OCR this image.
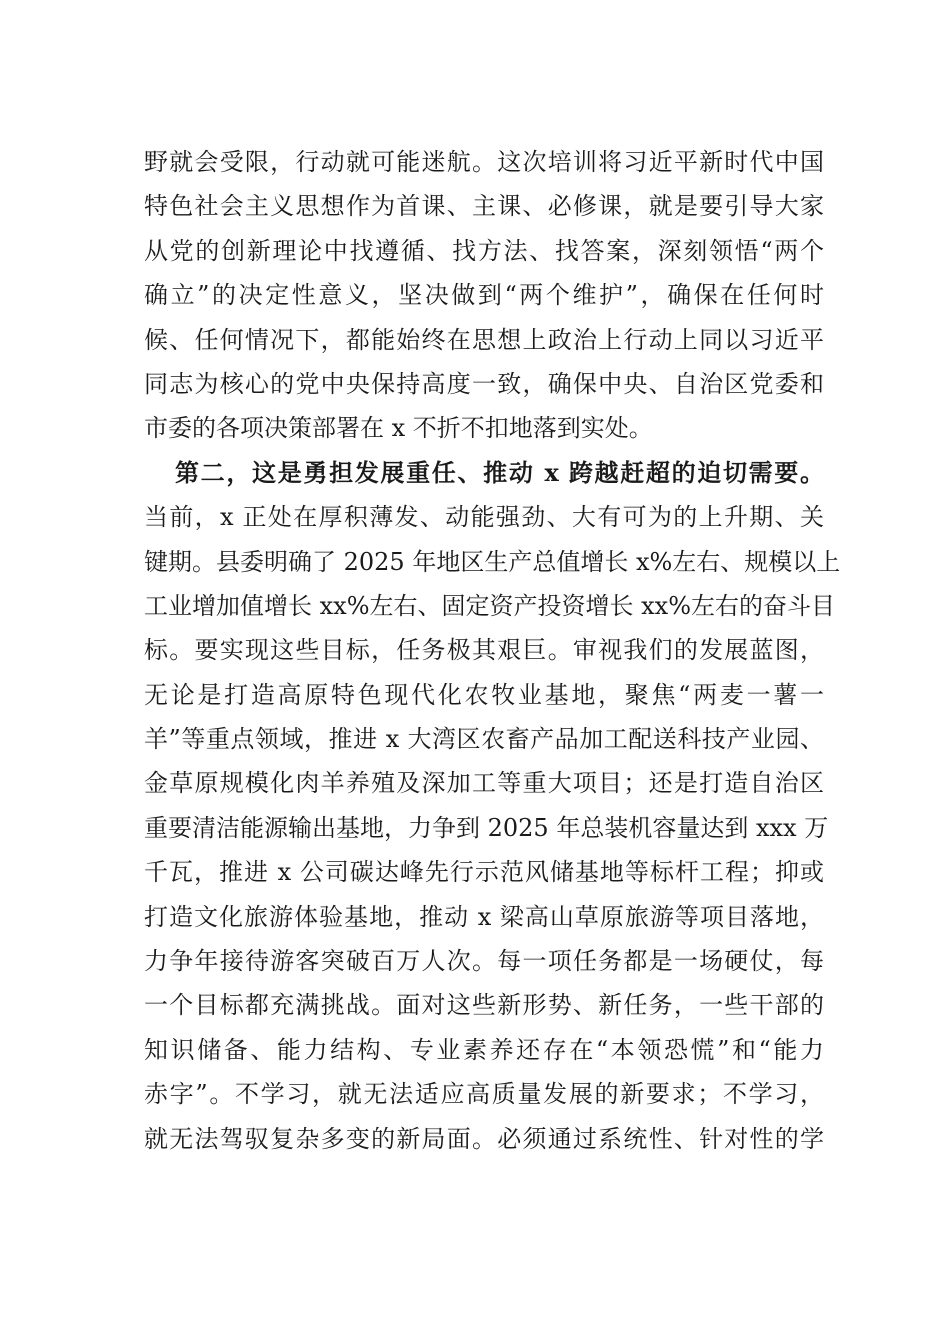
野就会受限，行动就可能迷航。这次培训将习近平新时代中国
特色社会主义思想作为首课、主课、必修课，就是要引导大家
从党的创新理论中找遵循、找方法、找答案，深刻领悟“两个
确立”的决定性意义，坚决做到“两个维护”，确保在任何时
候、任何情况下，都能始终在思想上政治上行动上同以习近平
同志为核心的党中央保持高度一致，确保中央、自治区党委和
市委的各项决策部署在 x 不折不扣地落到实处。
第二，这是勇担发展重任、推动 x 跨越赶超的迫切需要。
当前，x 正处在厚积薄发、动能强劲、大有可为的上升期、关
键期。县委明确了 2025 年地区生产总值增长 x%左右、规模以上
工业增加值增长 xx%左右、固定资产投资增长 xx%左右的奋斗目
标。要实现这些目标，任务极其艰巨。审视我们的发展蓝图，
无论是打造高原特色现代化农牧业基地，聚焦“两麦一薯一
羊”等重点领域，推进 x 大湾区农畜产品加工配送科技产业园、
金草原规模化肉羊养殖及深加工等重大项目；还是打造自治区
重要清洁能源输出基地，力争到 2025 年总装机容量达到 xxx 万
千瓦，推进 x 公司碳达峰先行示范风储基地等标杆工程；抑或
打造文化旅游体验基地，推动 x 梁高山草原旅游等项目落地，
力争年接待游客突破百万人次。每一项任务都是一场硬仗，每
一个目标都充满挑战。面对这些新形势、新任务，一些干部的
知识储备、能力结构、专业素养还存在“本领恐慌”和“能力
赤字”。不学习，就无法适应高质量发展的新要求；不学习，
就无法驾驭复杂多变的新局面。必须通过系统性、针对性的学
